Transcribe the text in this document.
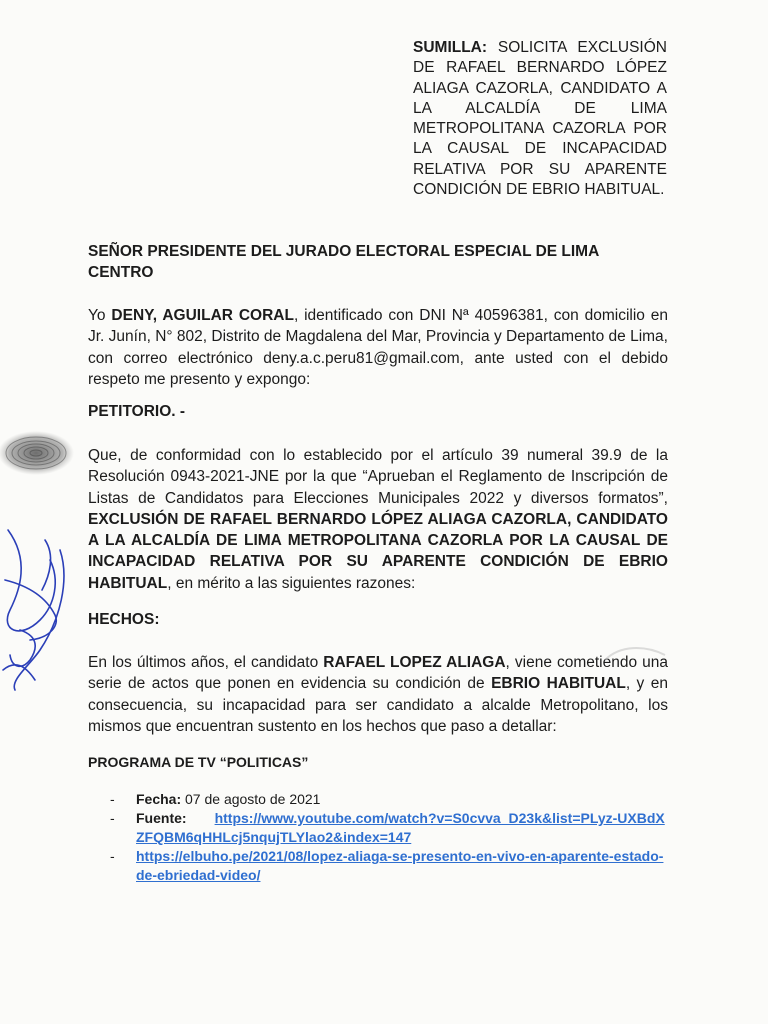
SUMILLA: SOLICITA EXCLUSIÓN DE RAFAEL BERNARDO LÓPEZ ALIAGA CAZORLA, CANDIDATO A LA ALCALDÍA DE LIMA METROPOLITANA CAZORLA POR LA CAUSAL DE INCAPACIDAD RELATIVA POR SU APARENTE CONDICIÓN DE EBRIO HABITUAL.
SEÑOR PRESIDENTE DEL JURADO ELECTORAL ESPECIAL DE LIMA CENTRO
Yo DENY, AGUILAR CORAL, identificado con DNI Nª 40596381, con domicilio en Jr. Junín, N° 802, Distrito de Magdalena del Mar, Provincia y Departamento de Lima, con correo electrónico deny.a.c.peru81@gmail.com, ante usted con el debido respeto me presento y expongo:
PETITORIO. -
Que, de conformidad con lo establecido por el artículo 39 numeral 39.9 de la Resolución 0943-2021-JNE por la que “Aprueban el Reglamento de Inscripción de Listas de Candidatos para Elecciones Municipales 2022 y diversos formatos”, EXCLUSIÓN DE RAFAEL BERNARDO LÓPEZ ALIAGA CAZORLA, CANDIDATO A LA ALCALDÍA DE LIMA METROPOLITANA CAZORLA POR LA CAUSAL DE INCAPACIDAD RELATIVA POR SU APARENTE CONDICIÓN DE EBRIO HABITUAL, en mérito a las siguientes razones:
HECHOS:
En los últimos años, el candidato RAFAEL LOPEZ ALIAGA, viene cometiendo una serie de actos que ponen en evidencia su condición de EBRIO HABITUAL, y en consecuencia, su incapacidad para ser candidato a alcalde Metropolitano, los mismos que encuentran sustento en los hechos que paso a detallar:
PROGRAMA DE TV “POLITICAS”
- Fecha: 07 de agosto de 2021
- Fuente: https://www.youtube.com/watch?v=S0cvva_D23k&list=PLyz-UXBdXZFQBM6qHHLcj5nqujTLYlao2&index=147
- https://elbuho.pe/2021/08/lopez-aliaga-se-presento-en-vivo-en-aparente-estado-de-ebriedad-video/
